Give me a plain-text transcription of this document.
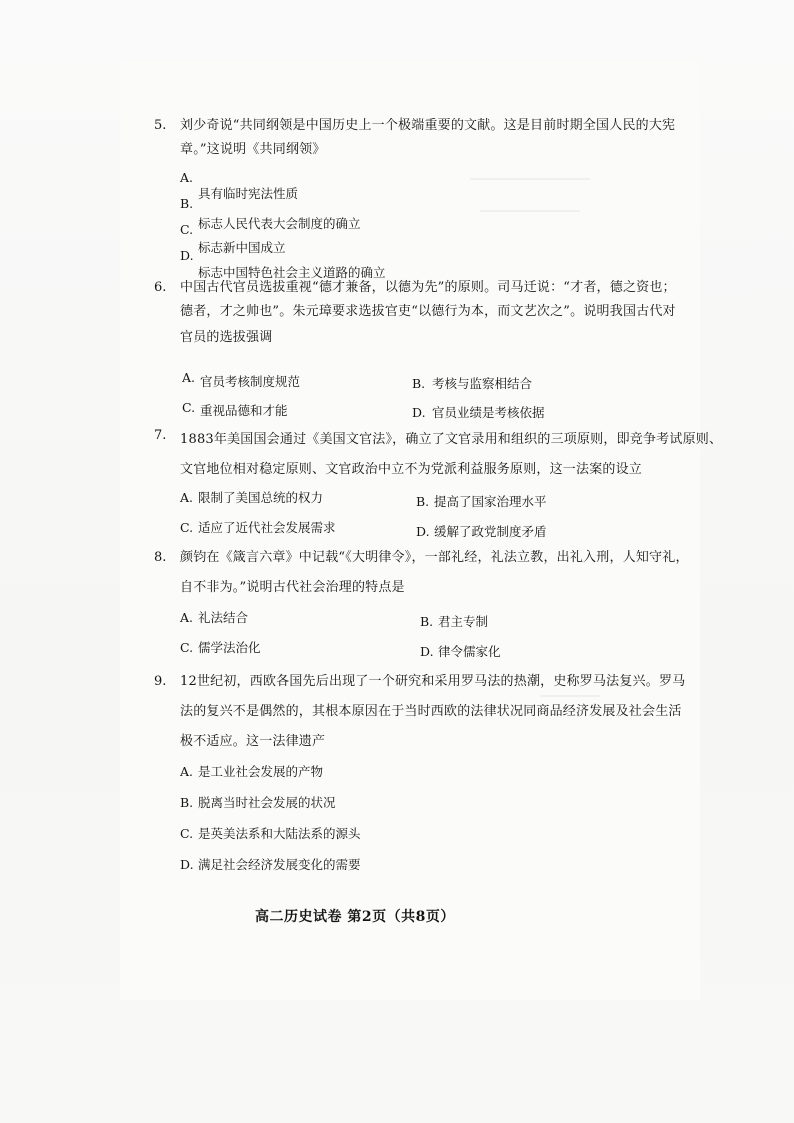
5. 刘少奇说“共同纲领是中国历史上一个极端重要的文献。这是目前时期全国人民的大宪
章。”这说明《共同纲领》
A.
具有临时宪法性质
B.
标志人民代表大会制度的确立
C.
标志新中国成立
D.
标志中国特色社会主义道路的确立
6. 中国古代官员选拔重视“德才兼备，以德为先”的原则。司马迁说：“才者，德之资也；
德者，才之帅也”。朱元璋要求选拔官吏“以德行为本，而文艺次之”。说明我国古代对
官员的选拔强调
A. 官员考核制度规范	B. 考核与监察相结合
C. 重视品德和才能	D. 官员业绩是考核依据
7. 1883年美国国会通过《美国文官法》，确立了文官录用和组织的三项原则，即竞争考试原则、
文官地位相对稳定原则、文官政治中立不为党派利益服务原则，这一法案的设立
A. 限制了美国总统的权力	B. 提高了国家治理水平
C. 适应了近代社会发展需求	D. 缓解了政党制度矛盾
8. 颜钧在《箴言六章》中记载“《大明律令》，一部礼经，礼法立教，出礼入刑，人知守礼，
自不非为。”说明古代社会治理的特点是
A. 礼法结合	B. 君主专制
C. 儒学法治化	D. 律令儒家化
9. 12世纪初，西欧各国先后出现了一个研究和采用罗马法的热潮，史称罗马法复兴。罗马
法的复兴不是偶然的，其根本原因在于当时西欧的法律状况同商品经济发展及社会生活
极不适应。这一法律遗产
A. 是工业社会发展的产物
B. 脱离当时社会发展的状况
C. 是英美法系和大陆法系的源头
D. 满足社会经济发展变化的需要
高二历史试卷 第2页（共8页）
